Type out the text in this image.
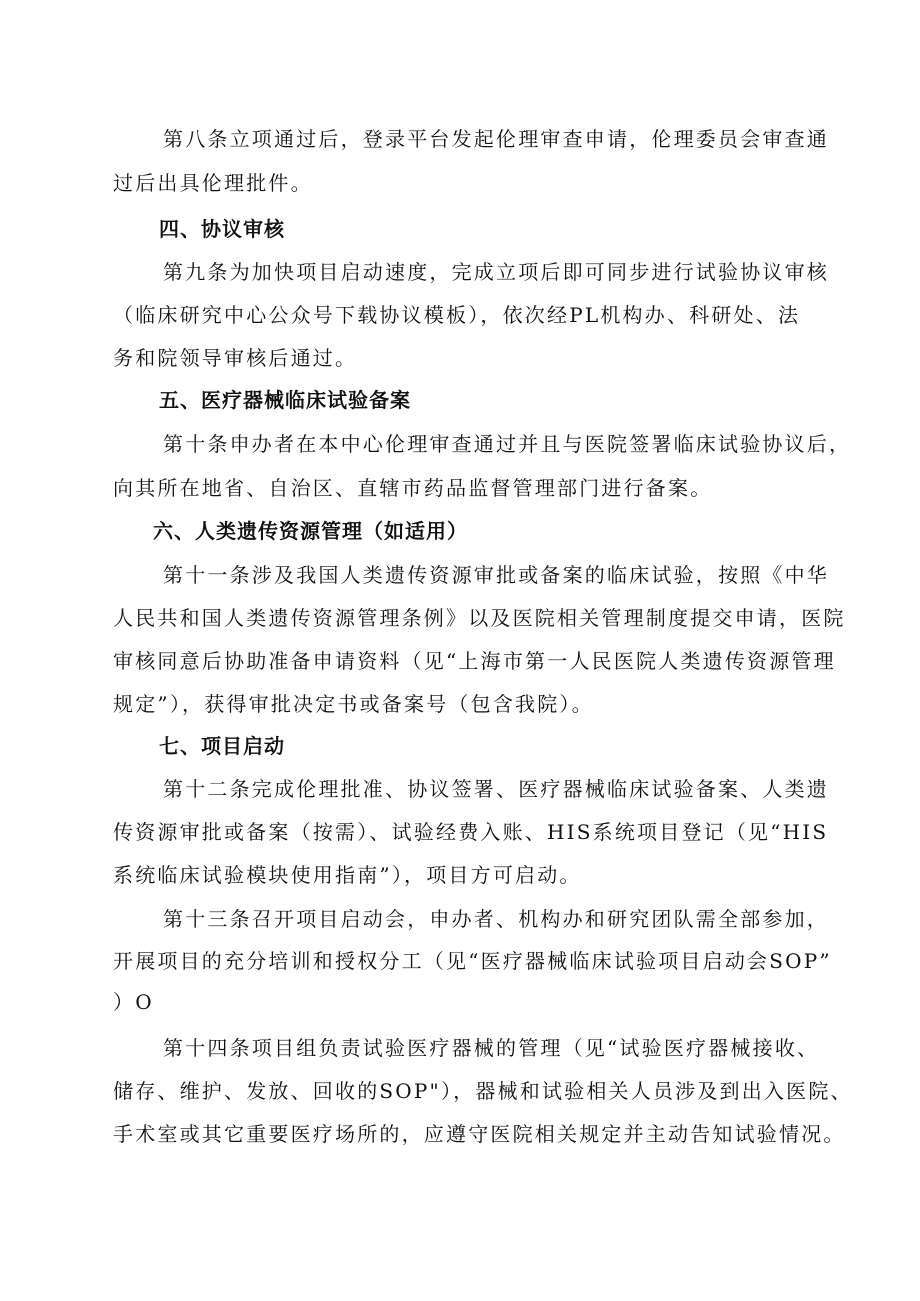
第八条立项通过后，登录平台发起伦理审查申请，伦理委员会审查通
过后出具伦理批件。
四、协议审核
第九条为加快项目启动速度，完成立项后即可同步进行试验协议审核
（临床研究中心公众号下载协议模板），依次经PL机构办、科研处、法
务和院领导审核后通过。
五、医疗器械临床试验备案
第十条申办者在本中心伦理审查通过并且与医院签署临床试验协议后，
向其所在地省、自治区、直辖市药品监督管理部门进行备案。
六、人类遗传资源管理（如适用）
第十一条涉及我国人类遗传资源审批或备案的临床试验，按照《中华
人民共和国人类遗传资源管理条例》以及医院相关管理制度提交申请，医院
审核同意后协助准备申请资料（见“上海市第一人民医院人类遗传资源管理
规定”），获得审批决定书或备案号（包含我院）。
七、项目启动
第十二条完成伦理批准、协议签署、医疗器械临床试验备案、人类遗
传资源审批或备案（按需）、试验经费入账、HIS系统项目登记（见“HIS
系统临床试验模块使用指南”），项目方可启动。
第十三条召开项目启动会，申办者、机构办和研究团队需全部参加，
开展项目的充分培训和授权分工（见“医疗器械临床试验项目启动会SOP”
）O
第十四条项目组负责试验医疗器械的管理（见“试验医疗器械接收、
储存、维护、发放、回收的SOP"），器械和试验相关人员涉及到出入医院、
手术室或其它重要医疗场所的，应遵守医院相关规定并主动告知试验情况。
